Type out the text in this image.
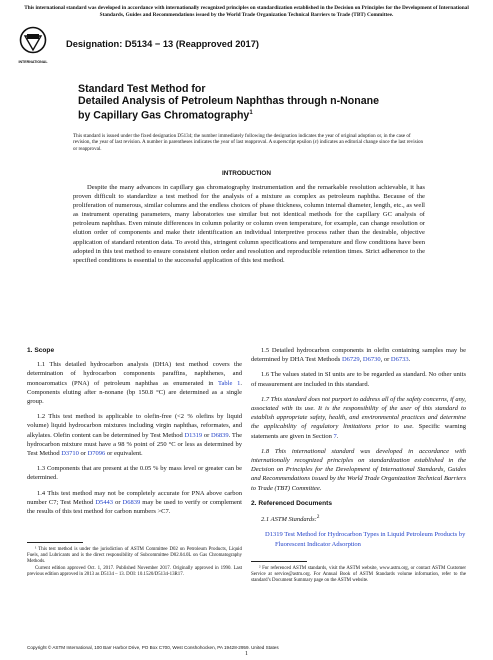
This international standard was developed in accordance with internationally recognized principles on standardization established in the Decision on Principles for the Development of International Standards, Guides and Recommendations issued by the World Trade Organization Technical Barriers to Trade (TBT) Committee.
INTERNATIONAL
Designation: D5134 − 13 (Reapproved 2017)
Standard Test Method for
Detailed Analysis of Petroleum Naphthas through n-Nonane
by Capillary Gas Chromatography$^1$
This standard is issued under the fixed designation D5134; the number immediately following the designation indicates the year of original adoption or, in the case of revision, the year of last revision. A number in parentheses indicates the year of last reapproval. A superscript epsilon (ε) indicates an editorial change since the last revision or reapproval.
INTRODUCTION
Despite the many advances in capillary gas chromatography instrumentation and the remarkable resolution achievable, it has proven difficult to standardize a test method for the analysis of a mixture as complex as petroleum naphtha. Because of the proliferation of numerous, similar columns and the endless choices of phase thickness, column internal diameter, length, etc., as well as instrument operating parameters, many laboratories use similar but not identical methods for the capillary GC analysis of petroleum naphthas. Even minute differences in column polarity or column oven temperature, for example, can change resolution or elution order of components and make their identification an individual interpretive process rather than the desirable, objective application of standard retention data. To avoid this, stringent column specifications and temperature and flow conditions have been adopted in this test method to ensure consistent elution order and resolution and reproducible retention times. Strict adherence to the specified conditions is essential to the successful application of this test method.
1. Scope
1.1 This detailed hydrocarbon analysis (DHA) test method covers the determination of hydrocarbon components paraffins, naphthenes, and monoaromatics (PNA) of petroleum naphthas as enumerated in Table 1. Components eluting after n-nonane (bp 150.8 °C) are determined as a single group.
1.2 This test method is applicable to olefin-free (<2 % olefins by liquid volume) liquid hydrocarbon mixtures including virgin naphthas, reformates, and alkylates. Olefin content can be determined by Test Method D1319 or D6839. The hydrocarbon mixture must have a 98 % point of 250 °C or less as determined by Test Method D3710 or D7096 or equivalent.
1.3 Components that are present at the 0.05 % by mass level or greater can be determined.
1.4 This test method may not be completely accurate for PNA above carbon number C7; Test Method D5443 or D6839 may be used to verify or complement the results of this test method for carbon numbers >C7.
¹ This test method is under the jurisdiction of ASTM Committee D02 on Petroleum Products, Liquid Fuels, and Lubricants and is the direct responsibility of Subcommittee D02.04.0L on Gas Chromatography Methods.
Current edition approved Oct. 1, 2017. Published November 2017. Originally approved in 1990. Last previous edition approved in 2013 as D5134 – 13. DOI: 10.1520/D5134-13R17.
1.5 Detailed hydrocarbon components in olefin containing samples may be determined by DHA Test Methods D6729, D6730, or D6733.
1.6 The values stated in SI units are to be regarded as standard. No other units of measurement are included in this standard.
1.7 This standard does not purport to address all of the safety concerns, if any, associated with its use. It is the responsibility of the user of this standard to establish appropriate safety, health, and environmental practices and determine the applicability of regulatory limitations prior to use. Specific warning statements are given in Section 7.
1.8 This international standard was developed in accordance with internationally recognized principles on standardization established in the Decision on Principles for the Development of International Standards, Guides and Recommendations issued by the World Trade Organization Technical Barriers to Trade (TBT) Committee.
2. Referenced Documents
2.1 ASTM Standards:$^2$
D1319 Test Method for Hydrocarbon Types in Liquid Petroleum Products by Fluorescent Indicator Adsorption
² For referenced ASTM standards, visit the ASTM website, www.astm.org, or contact ASTM Customer Service at service@astm.org. For Annual Book of ASTM Standards volume information, refer to the standard’s Document Summary page on the ASTM website.
Copyright © ASTM International, 100 Barr Harbor Drive, PO Box C700, West Conshohocken, PA 19428-2959. United States
1
